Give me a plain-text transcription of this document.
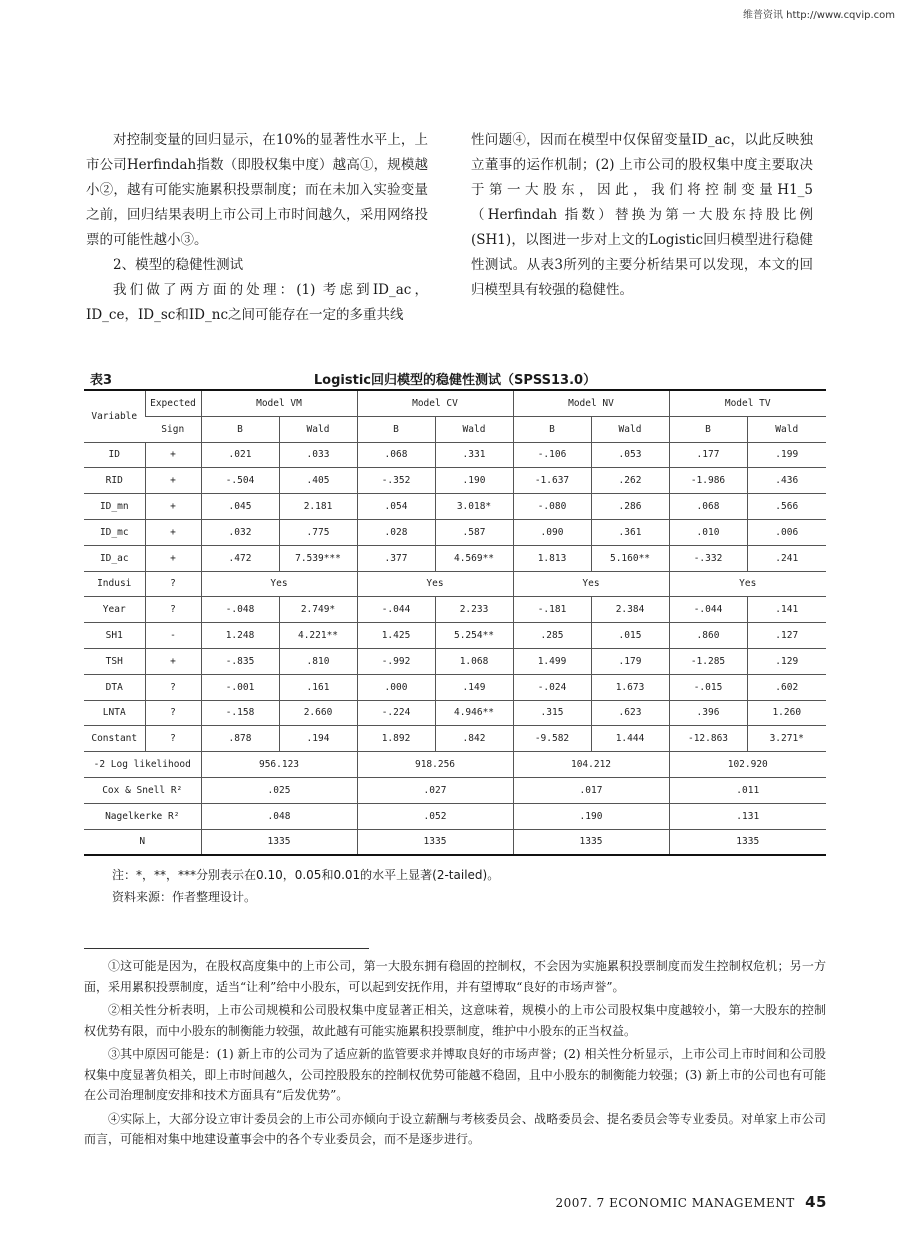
维普资讯 http://www.cqvip.com

对控制变量的回归显示，在10%的显著性水平上，上市公司Herfindah指数（即股权集中度）越高①，规模越小②，越有可能实施累积投票制度；而在未加入实验变量之前，回归结果表明上市公司上市时间越久，采用网络投票的可能性越小③。

2、模型的稳健性测试

我们做了两方面的处理：(1) 考虑到ID_ac，ID_ce，ID_sc和ID_nc之间可能存在一定的多重共线

性问题④，因而在模型中仅保留变量ID_ac，以此反映独立董事的运作机制；(2) 上市公司的股权集中度主要取决于第一大股东，因此，我们将控制变量H1_5（Herfindah 指数）替换为第一大股东持股比例(SH1)，以图进一步对上文的Logistic回归模型进行稳健性测试。从表3所列的主要分析结果可以发现，本文的回归模型具有较强的稳健性。

表3	Logistic回归模型的稳健性测试（SPSS13.0）
Variable	Expected	Model VM		Model CV		Model NV		Model TV	
	Sign	B	Wald	B	Wald	B	Wald	B	Wald
ID	+	.021	.033	.068	.331	-.106	.053	.177	.199
RID	+	-.504	.405	-.352	.190	-1.637	.262	-1.986	.436
ID_mn	+	.045	2.181	.054	3.018*	-.080	.286	.068	.566
ID_mc	+	.032	.775	.028	.587	.090	.361	.010	.006
ID_ac	+	.472	7.539***	.377	4.569**	1.813	5.160**	-.332	.241
Indusi	?	Yes		Yes		Yes		Yes	
Year	?	-.048	2.749*	-.044	2.233	-.181	2.384	-.044	.141
SH1	-	1.248	4.221**	1.425	5.254**	.285	.015	.860	.127
TSH	+	-.835	.810	-.992	1.068	1.499	.179	-1.285	.129
DTA	?	-.001	.161	.000	.149	-.024	1.673	-.015	.602
LNTA	?	-.158	2.660	-.224	4.946**	.315	.623	.396	1.260
Constant	?	.878	.194	1.892	.842	-9.582	1.444	-12.863	3.271*
-2 Log likelihood		956.123		918.256		104.212		102.920	
Cox & Snell R²		.025		.027		.017		.011	
Nagelkerke R²		.048		.052		.190		.131	
N		1335		1335		1335		1335	
注：*，**，***分别表示在0.10，0.05和0.01的水平上显著(2-tailed)。
资料来源：作者整理设计。

①这可能是因为，在股权高度集中的上市公司，第一大股东拥有稳固的控制权，不会因为实施累积投票制度而发生控制权危机；另一方面，采用累积投票制度，适当“让利”给中小股东，可以起到安抚作用，并有望博取“良好的市场声誉”。

②相关性分析表明，上市公司规模和公司股权集中度显著正相关，这意味着，规模小的上市公司股权集中度越较小，第一大股东的控制权优势有限，而中小股东的制衡能力较强，故此越有可能实施累积投票制度，维护中小股东的正当权益。

③其中原因可能是：(1) 新上市的公司为了适应新的监管要求并博取良好的市场声誉；(2) 相关性分析显示，上市公司上市时间和公司股权集中度显著负相关，即上市时间越久，公司控股股东的控制权优势可能越不稳固，且中小股东的制衡能力较强；(3) 新上市的公司也有可能在公司治理制度安排和技术方面具有“后发优势”。

④实际上，大部分设立审计委员会的上市公司亦倾向于设立薪酬与考核委员会、战略委员会、提名委员会等专业委员。对单家上市公司而言，可能相对集中地建设董事会中的各个专业委员会，而不是逐步进行。

2007. 7 ECONOMIC MANAGEMENT 45
